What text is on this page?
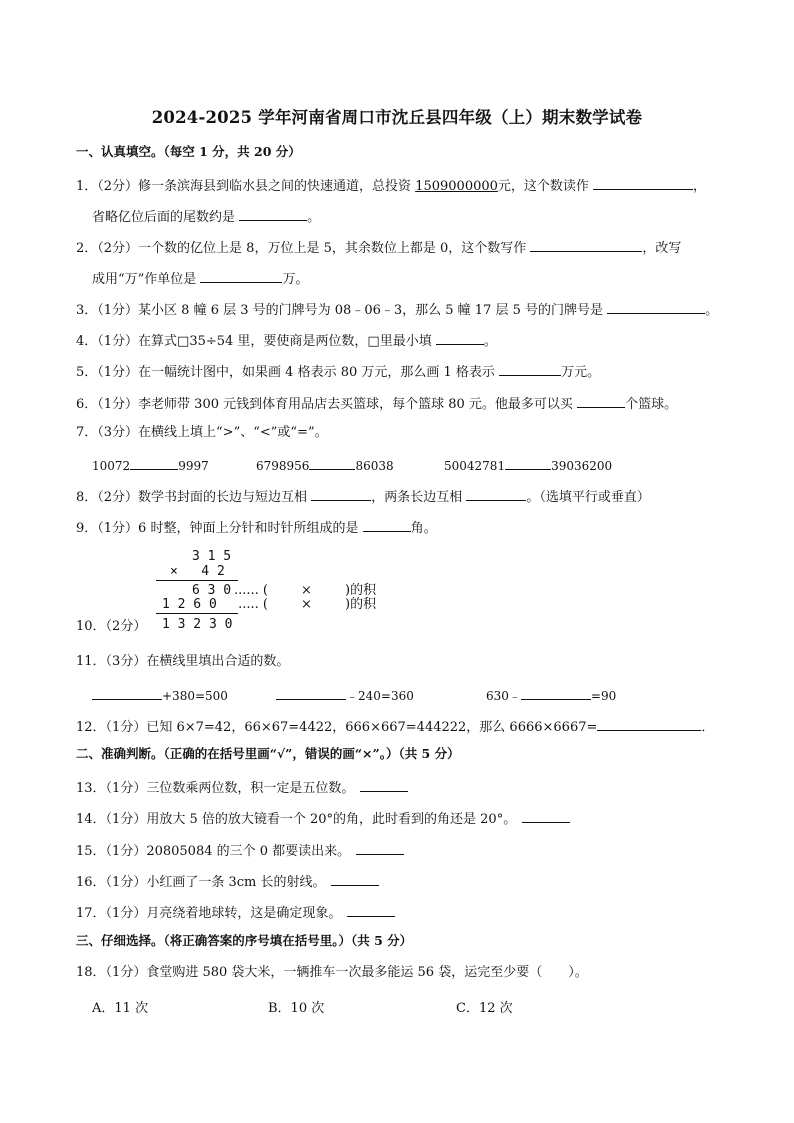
2024-2025 学年河南省周口市沈丘县四年级（上）期末数学试卷
一、认真填空。（每空 1 分，共 20 分）
1．（2分）修一条滨海县到临水县之间的快速通道，总投资 1509000000元，这个数读作	，
省略亿位后面的尾数约是	。
2．（2分）一个数的亿位上是 8，万位上是 5，其余数位上都是 0，这个数写作	，改写
成用“万”作单位是	万。
3．（1分）某小区 8 幢 6 层 3 号的门牌号为 08﹣06﹣3，那么 5 幢 17 层 5 号的门牌号是	。
4．（1分）在算式□35÷54 里，要使商是两位数，□里最小填	。
5．（1分）在一幅统计图中，如果画 4 格表示 80 万元，那么画 1 格表示	万元。
6．（1分）李老师带 300 元钱到体育用品店去买篮球，每个篮球 80 元。他最多可以买	个篮球。
7．（3分）在横线上填上“>”、“<”或“=”。
10072	9997	6798956	86038	50042781	39036200
8．（2分）数学书封面的长边与短边互相	，两条长边互相	。（选填平行或垂直）
9．（1分）6 时整，钟面上分针和时针所组成的是	角。
3 1 5
×   4 2
6 3 0 ...... (        ×        )的积
1 2 6 0 ..... (        ×        )的积
1 3 2 3 0
10．（2分）
11．（3分）在横线里填出合适的数。
+380=500	﹣240=360	630﹣	=90
12．（1分）已知 6×7=42，66×67=4422，666×667=444222，那么 6666×6667=	．
二、准确判断。（正确的在括号里画“√”，错误的画“×”。）（共 5 分）
13．（1分）三位数乘两位数，积一定是五位数。
14．（1分）用放大 5 倍的放大镜看一个 20°的角，此时看到的角还是 20°。
15．（1分）20805084 的三个 0 都要读出来。
16．（1分）小红画了一条 3cm 长的射线。
17．（1分）月亮绕着地球转，这是确定现象。
三、仔细选择。（将正确答案的序号填在括号里。）（共 5 分）
18．（1分）食堂购进 580 袋大米，一辆推车一次最多能运 56 袋，运完至少要（　　）。
A．11 次	B．10 次	C．12 次
